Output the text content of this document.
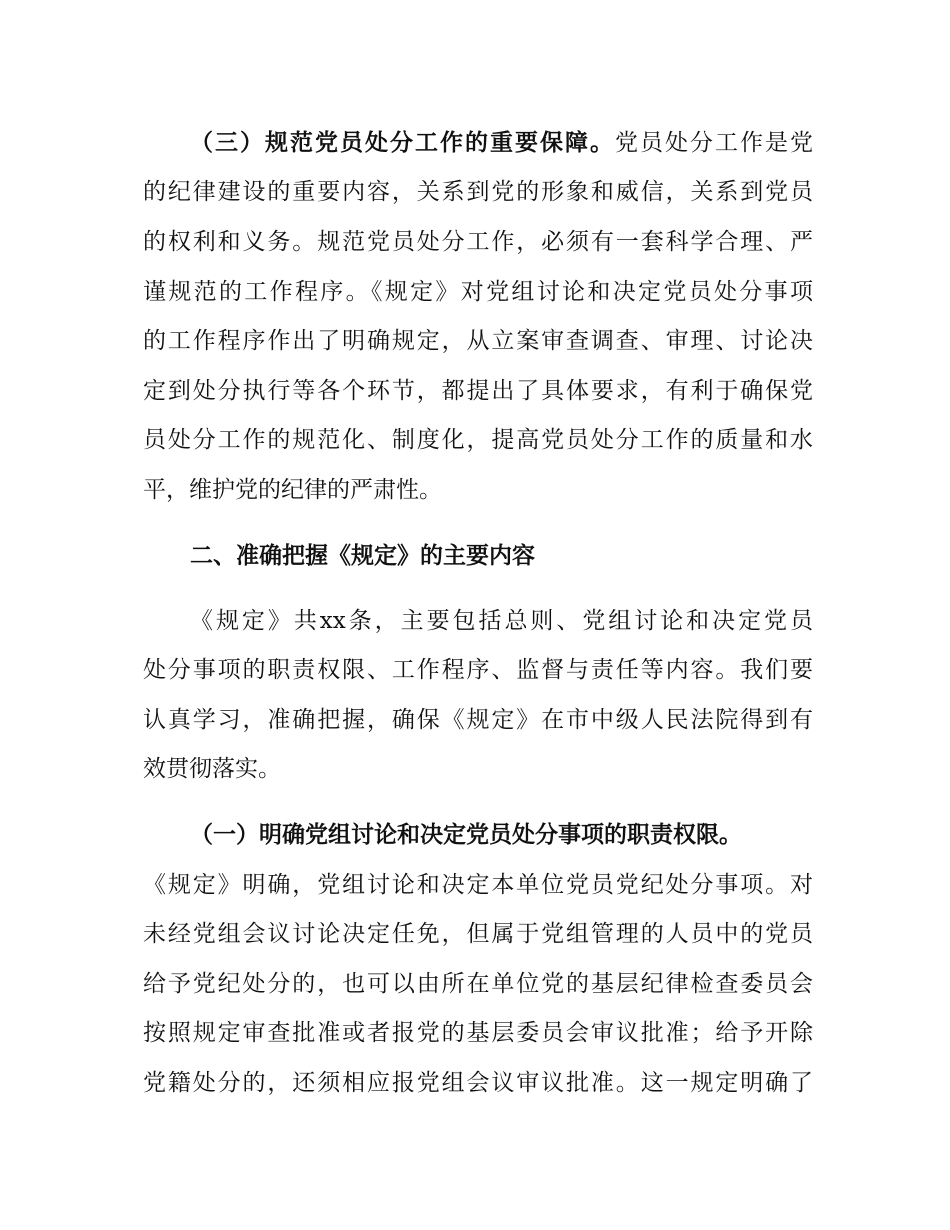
（三）规范党员处分工作的重要保障。党员处分工作是党
的纪律建设的重要内容，关系到党的形象和威信，关系到党员
的权利和义务。规范党员处分工作，必须有一套科学合理、严
谨规范的工作程序。《规定》对党组讨论和决定党员处分事项
的工作程序作出了明确规定，从立案审查调查、审理、讨论决
定到处分执行等各个环节，都提出了具体要求，有利于确保党
员处分工作的规范化、制度化，提高党员处分工作的质量和水
平，维护党的纪律的严肃性。
二、准确把握《规定》的主要内容
《规定》共xx条，主要包括总则、党组讨论和决定党员
处分事项的职责权限、工作程序、监督与责任等内容。我们要
认真学习，准确把握，确保《规定》在市中级人民法院得到有
效贯彻落实。
（一）明确党组讨论和决定党员处分事项的职责权限。
《规定》明确，党组讨论和决定本单位党员党纪处分事项。对
未经党组会议讨论决定任免，但属于党组管理的人员中的党员
给予党纪处分的，也可以由所在单位党的基层纪律检查委员会
按照规定审查批准或者报党的基层委员会审议批准；给予开除
党籍处分的，还须相应报党组会议审议批准。这一规定明确了
